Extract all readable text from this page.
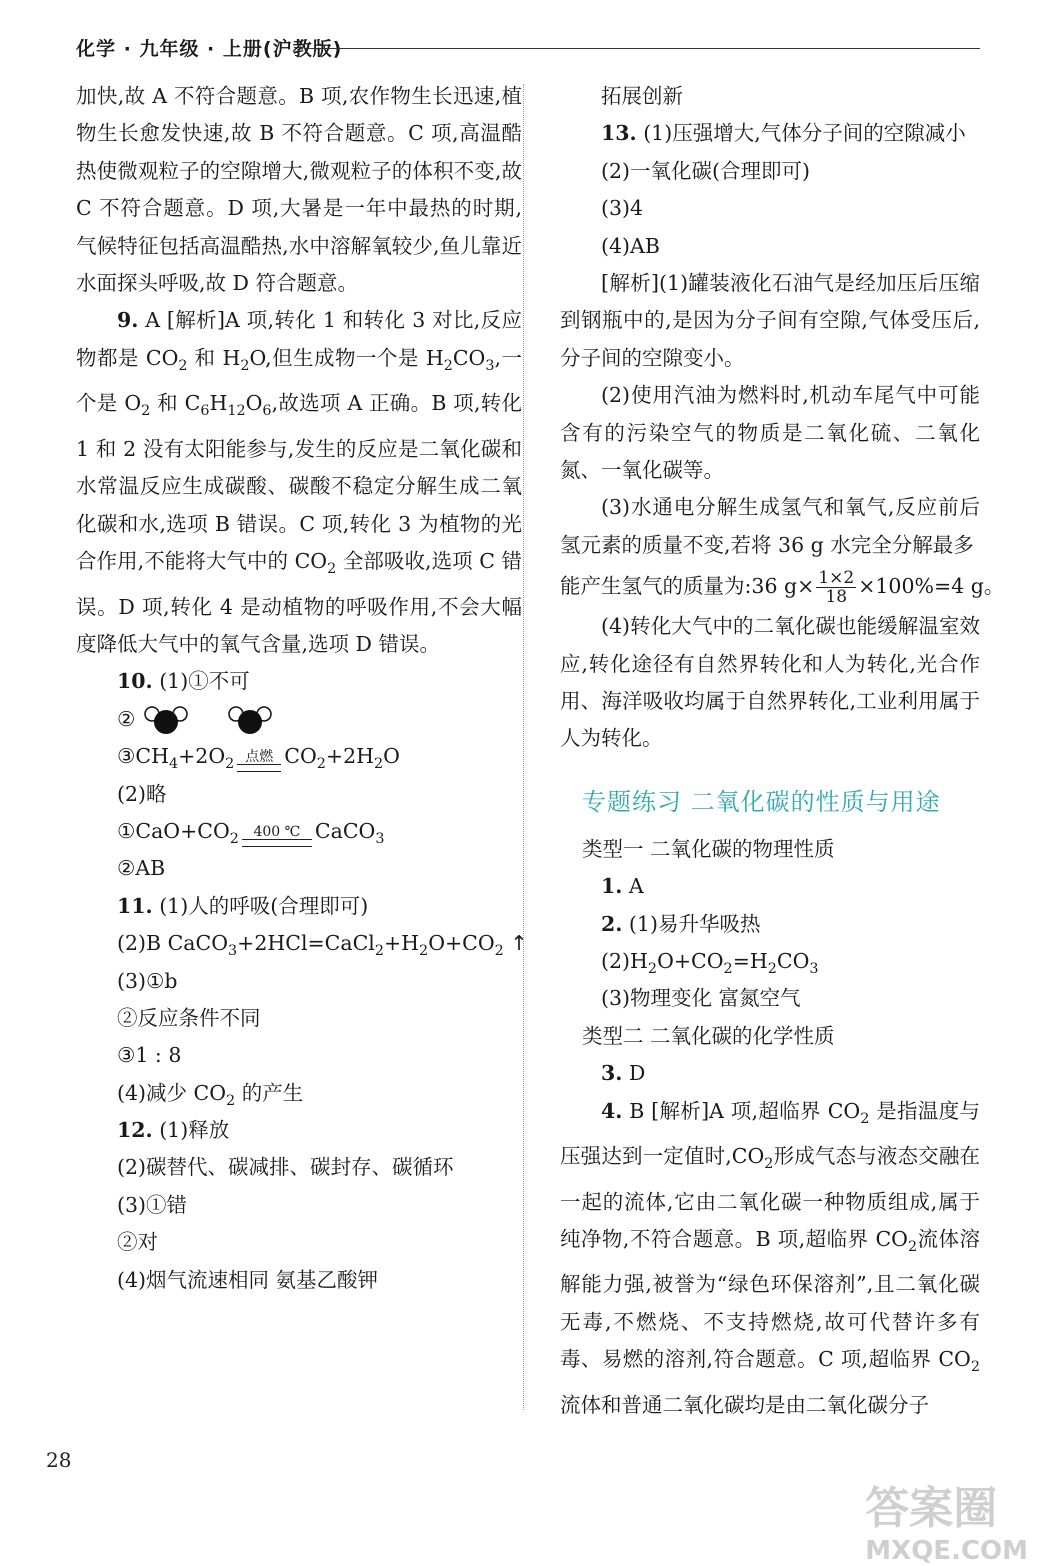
化学 · 九年级 · 上册(沪教版)

加快,故 A 不符合题意。B 项,农作物生长迅速,植物生长愈发快速,故 B 不符合题意。C 项,高温酷热使微观粒子的空隙增大,微观粒子的体积不变,故 C 不符合题意。D 项,大暑是一年中最热的时期,气候特征包括高温酷热,水中溶解氧较少,鱼儿靠近水面探头呼吸,故 D 符合题意。

9. A [解析]A 项,转化 1 和转化 3 对比,反应物都是 $CO_2$ 和 $H_2O$,但生成物一个是 $H_2CO_3$,一个是 $O_2$ 和 $C_6H_{12}O_6$,故选项 A 正确。B 项,转化 1 和 2 没有太阳能参与,发生的反应是二氧化碳和水常温反应生成碳酸、碳酸不稳定分解生成二氧化碳和水,选项 B 错误。C 项,转化 3 为植物的光合作用,不能将大气中的 $CO_2$ 全部吸收,选项 C 错误。D 项,转化 4 是动植物的呼吸作用,不会大幅度降低大气中的氧气含量,选项 D 错误。

10. (1)①不可
②
$③CH_4+2O_2$ 点燃 $CO_2+2H_2O$
(2)略
$①CaO+CO_2$ 400 ℃ CaCO$_3$
②AB
11. (1)人的呼吸(合理即可)
(2)B $CaCO_3+2HCl=CaCl_2+H_2O+CO_2$ ↑
(3)①b
②反应条件不同
③1 : 8
(4)减少 $CO_2$ 的产生
12. (1)释放
(2)碳替代、碳减排、碳封存、碳循环
(3)①错
②对
(4)烟气流速相同 氨基乙酸钾
拓展创新
13. (1)压强增大,气体分子间的空隙减小
(2)一氧化碳(合理即可)
(3)4
(4)AB

[解析](1)罐装液化石油气是经加压后压缩到钢瓶中的,是因为分子间有空隙,气体受压后,分子间的空隙变小。

(2)使用汽油为燃料时,机动车尾气中可能含有的污染空气的物质是二氧化硫、二氧化氮、一氧化碳等。

(3)水通电分解生成氢气和氧气,反应前后氢元素的质量不变,若将 36 g 水完全分解最多

能产生氢气的质量为:36 $g\times \frac{1\times 2}{18} \times 100\%=4$ g。

(4)转化大气中的二氧化碳也能缓解温室效应,转化途径有自然界转化和人为转化,光合作用、海洋吸收均属于自然界转化,工业利用属于人为转化。

专题练习 二氧化碳的性质与用途
类型一 二氧化碳的物理性质
1. A
2. (1)易升华吸热
$(2)H_2O+CO_2=H_2CO_3$
(3)物理变化 富氮空气
类型二 二氧化碳的化学性质
3. D

4. B [解析]A 项,超临界 $CO_2$ 是指温度与压强达到一定值时$,CO_2$形成气态与液态交融在一起的流体,它由二氧化碳一种物质组成,属于纯净物,不符合题意。B 项,超临界 $CO_2$流体溶解能力强,被誉为“绿色环保溶剂”,且二氧化碳无毒,不燃烧、不支持燃烧,故可代替许多有毒、易燃的溶剂,符合题意。C 项,超临界 $CO_2$流体和普通二氧化碳均是由二氧化碳分子

28
答案圈
MXQE.COM
